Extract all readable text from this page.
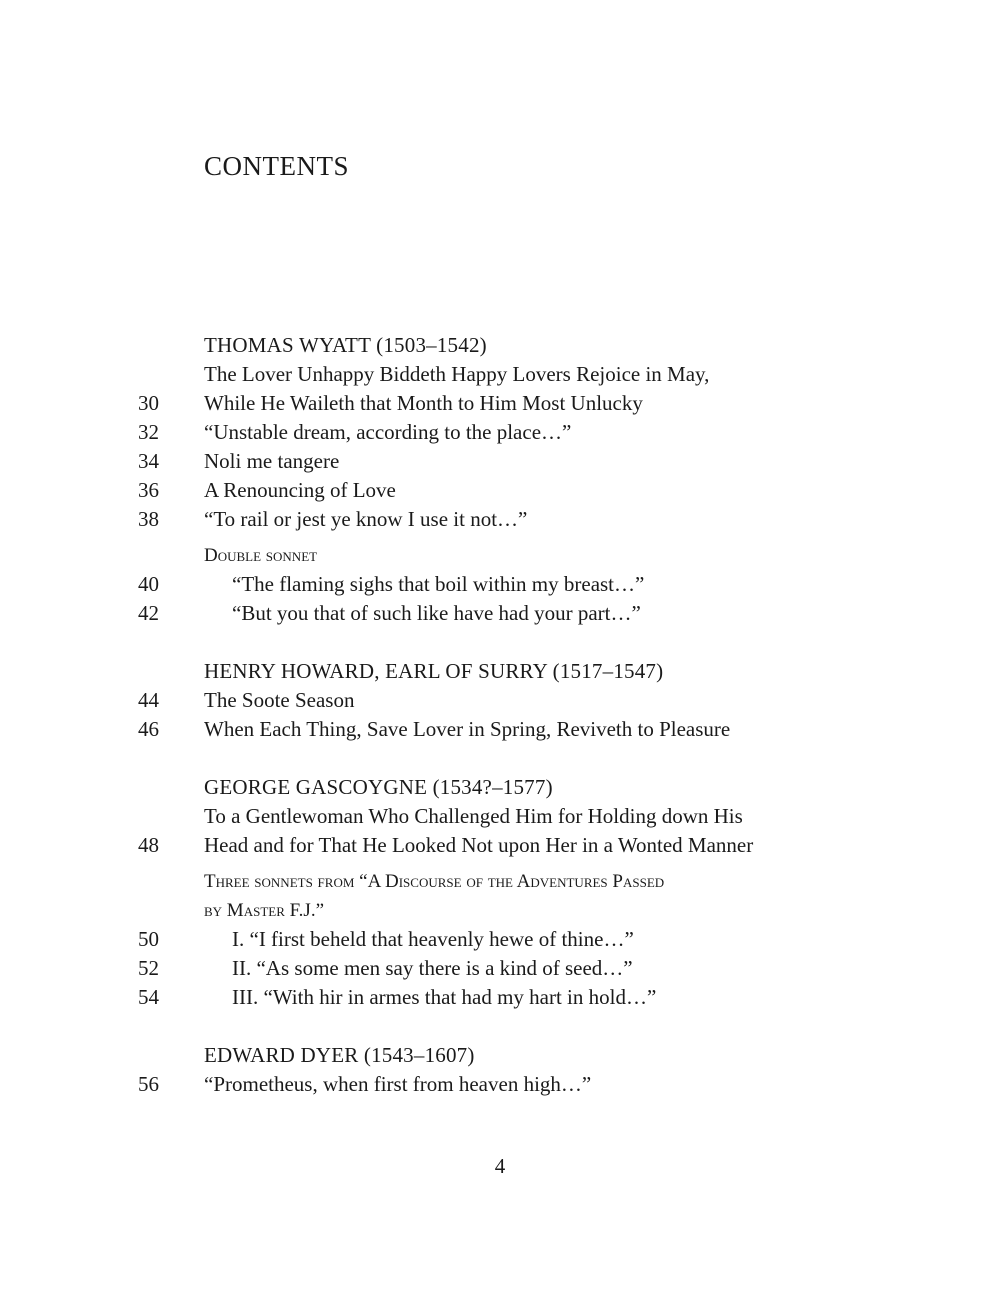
CONTENTS
THOMAS WYATT (1503–1542)
The Lover Unhappy Biddeth Happy Lovers Rejoice in May,
30	While He Waileth that Month to Him Most Unlucky
32	“Unstable dream, according to the place…”
34	Noli me tangere
36	A Renouncing of Love
38	“To rail or jest ye know I use it not…”
Double sonnet
40	“The flaming sighs that boil within my breast…”
42	“But you that of such like have had your part…”
HENRY HOWARD, EARL OF SURRY (1517–1547)
44	The Soote Season
46	When Each Thing, Save Lover in Spring, Reviveth to Pleasure
GEORGE GASCOYGNE (1534?–1577)
To a Gentlewoman Who Challenged Him for Holding down His
48	Head and for That He Looked Not upon Her in a Wonted Manner
Three sonnets from “A Discourse of the Adventures Passed
by Master F.J.”
50	I. “I first beheld that heavenly hewe of thine…”
52	II. “As some men say there is a kind of seed…”
54	III. “With hir in armes that had my hart in hold…”
EDWARD DYER (1543–1607)
56	“Prometheus, when first from heaven high…”
4
